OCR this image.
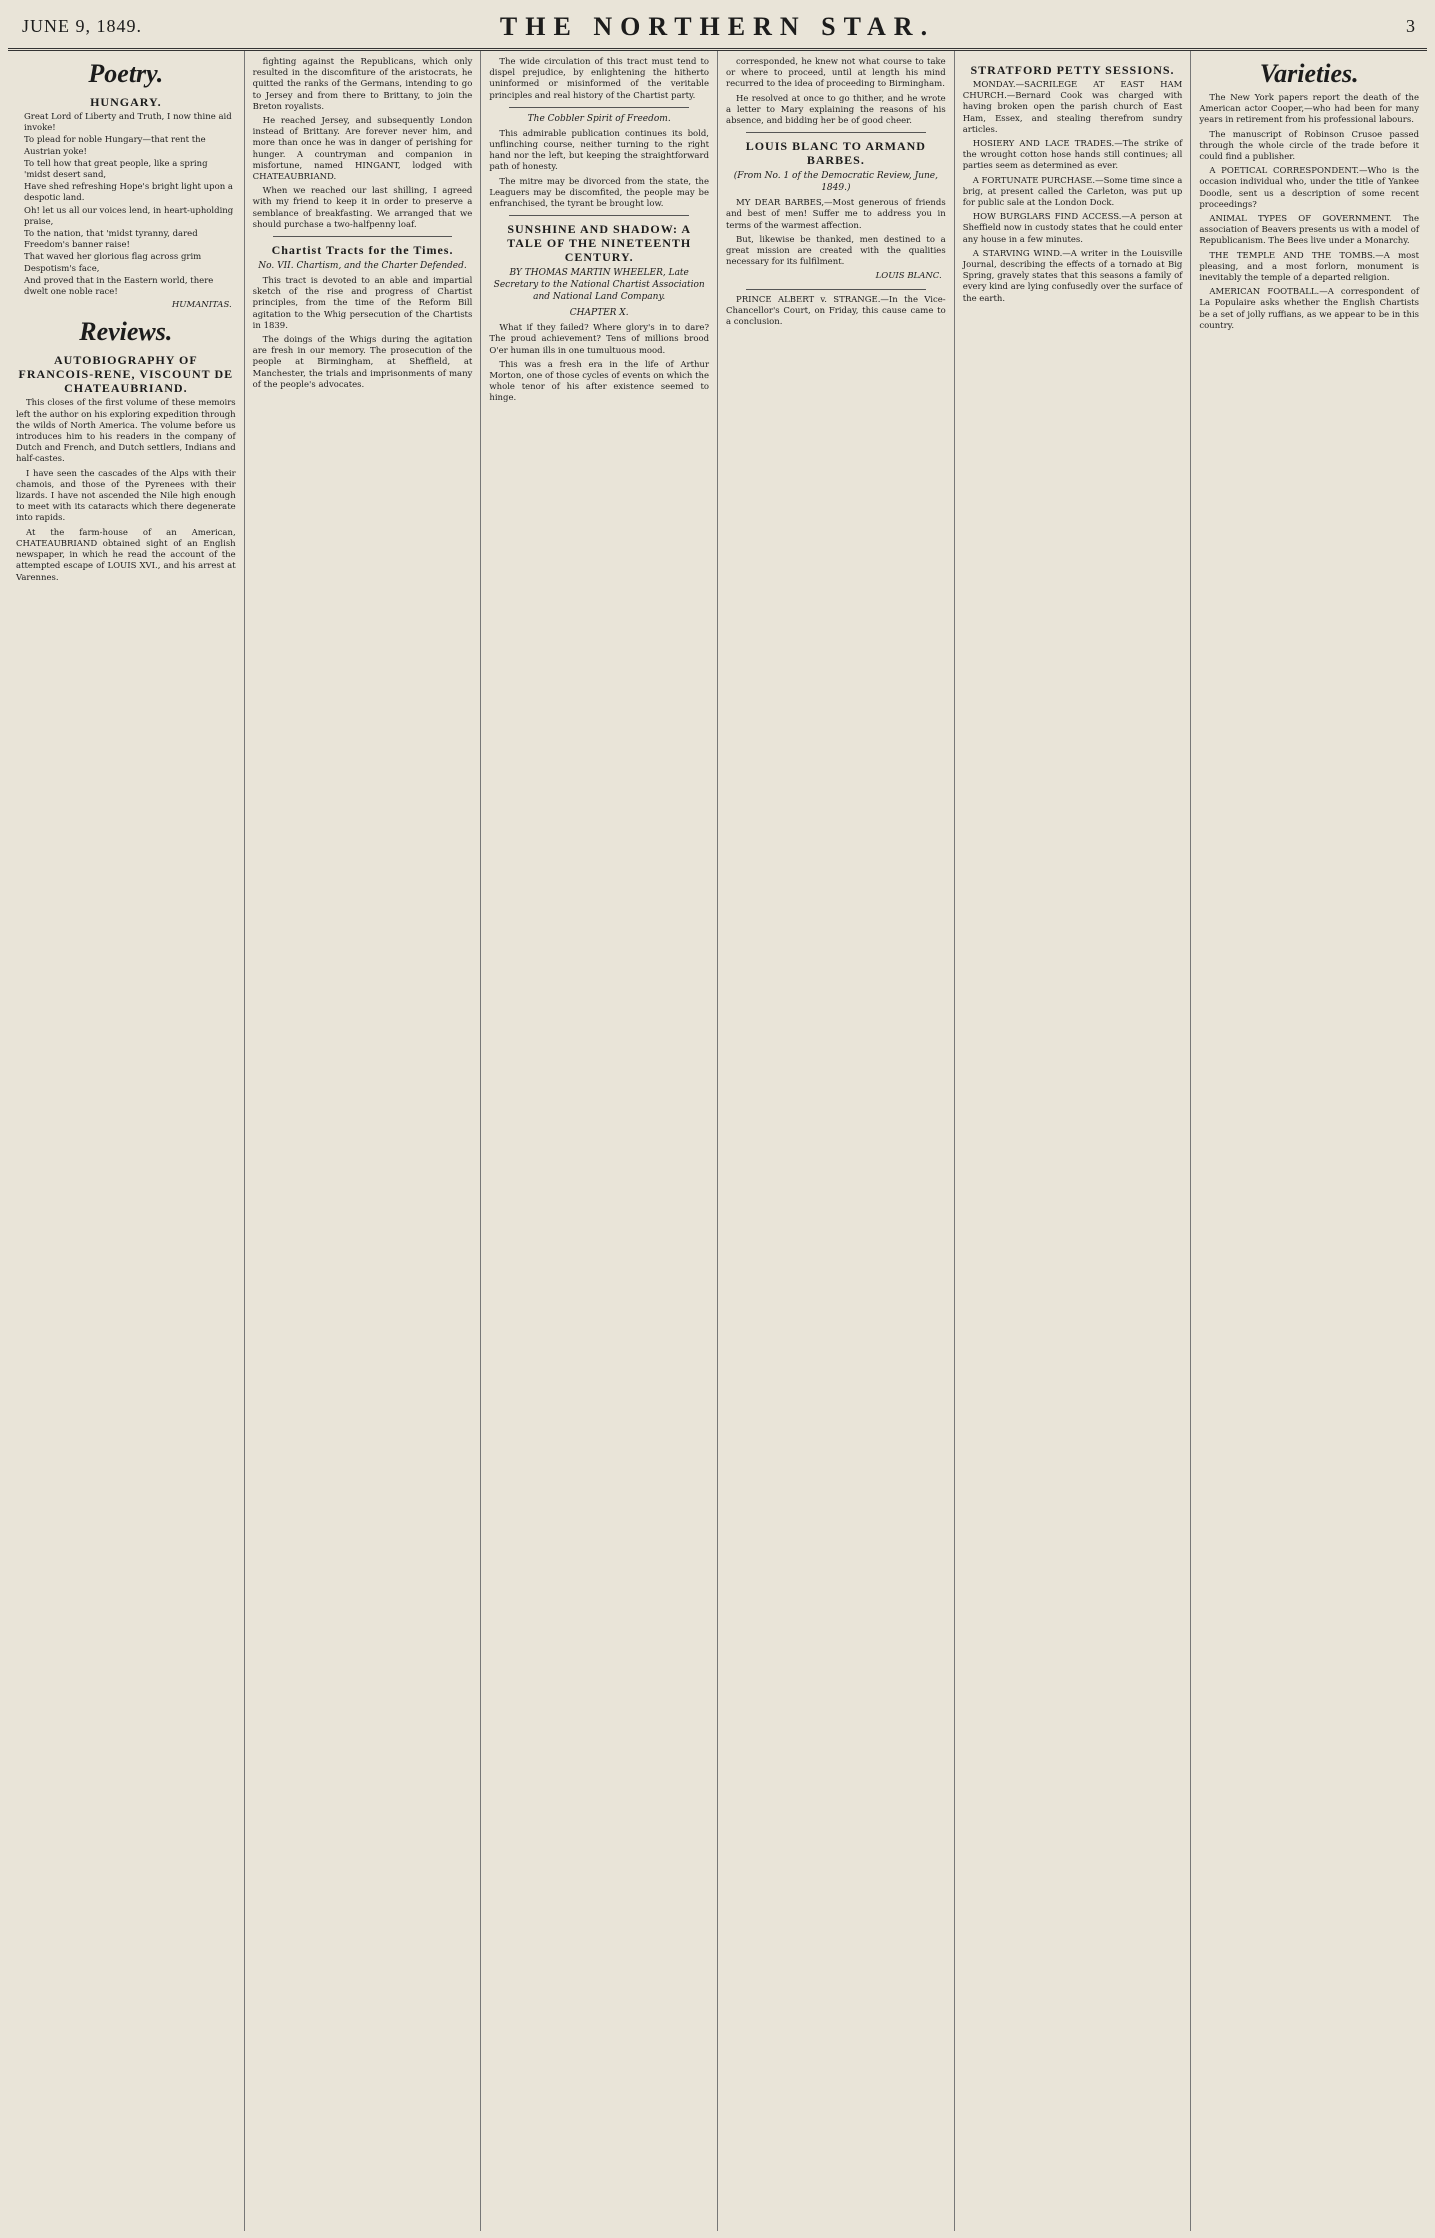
JUNE 9, 1849.	THE NORTHERN STAR.	3
Poetry.
HUNGARY.

Great Lord of Liberty and Truth, I now thine aid invoke!

To plead for noble Hungary—that rent the Austrian yoke!

To tell how that great people, like a spring 'midst desert sand,

Have shed refreshing Hope's bright light upon a despotic land.

Oh! let us all our voices lend, in heart-upholding praise,

To the nation, that 'midst tyranny, dared Freedom's banner raise!

That waved her glorious flag across grim Despotism's face,

And proved that in the Eastern world, there dwelt one noble race!

HUMANITAS.
Reviews.
AUTOBIOGRAPHY OF FRANCOIS-RENE, VISCOUNT DE CHATEAUBRIAND.

This closes of the first volume of these memoirs left the author on his exploring expedition through the wilds of North America. The volume before us introduces him to his readers in the company of Dutch and French, and Dutch settlers, Indians and half-castes.

I have seen the cascades of the Alps with their chamois, and those of the Pyrenees with their lizards. I have not ascended the Nile high enough to meet with its cataracts which there degenerate into rapids.

At the farm-house of an American, CHATEAUBRIAND obtained sight of an English newspaper, in which he read the account of the attempted escape of LOUIS XVI., and his arrest at Varennes.

fighting against the Republicans, which only resulted in the discomfiture of the aristocrats, he quitted the ranks of the Germans, intending to go to Jersey and from there to Brittany, to join the Breton royalists.

He reached Jersey, and subsequently London instead of Brittany. Are forever never him, and more than once he was in danger of perishing for hunger. A countryman and companion in misfortune, named HINGANT, lodged with CHATEAUBRIAND.

When we reached our last shilling, I agreed with my friend to keep it in order to preserve a semblance of breakfasting. We arranged that we should purchase a two-halfpenny loaf.

Chartist Tracts for the Times.
No. VII. Chartism, and the Charter Defended.

This tract is devoted to an able and impartial sketch of the rise and progress of Chartist principles, from the time of the Reform Bill agitation to the Whig persecution of the Chartists in 1839.

The doings of the Whigs during the agitation are fresh in our memory. The prosecution of the people at Birmingham, at Sheffield, at Manchester, the trials and imprisonments of many of the people's advocates.

The wide circulation of this tract must tend to dispel prejudice, by enlightening the hitherto uninformed or misinformed of the veritable principles and real history of the Chartist party.

The Cobbler Spirit of Freedom.

This admirable publication continues its bold, unflinching course, neither turning to the right hand nor the left, but keeping the straightforward path of honesty.

The mitre may be divorced from the state, the Leaguers may be discomfited, the people may be enfranchised, the tyrant be brought low.

SUNSHINE AND SHADOW: A TALE OF THE NINETEENTH CENTURY.
BY THOMAS MARTIN WHEELER, Late Secretary to the National Chartist Association and National Land Company.
CHAPTER X.

What if they failed? Where glory's in to dare? The proud achievement? Tens of millions brood O'er human ills in one tumultuous mood.

This was a fresh era in the life of Arthur Morton, one of those cycles of events on which the whole tenor of his after existence seemed to hinge.

corresponded, he knew not what course to take or where to proceed, until at length his mind recurred to the idea of proceeding to Birmingham.

He resolved at once to go thither, and he wrote a letter to Mary explaining the reasons of his absence, and bidding her be of good cheer.

LOUIS BLANC TO ARMAND BARBES.
(From No. 1 of the Democratic Review, June, 1849.)

MY DEAR BARBES,—Most generous of friends and best of men! Suffer me to address you in terms of the warmest affection.

But, likewise be thanked, men destined to a great mission are created with the qualities necessary for its fulfilment.

LOUIS BLANC.

PRINCE ALBERT v. STRANGE.—In the Vice-Chancellor's Court, on Friday, this cause came to a conclusion.

STRATFORD PETTY SESSIONS.

MONDAY.—SACRILEGE AT EAST HAM CHURCH.—Bernard Cook was charged with having broken open the parish church of East Ham, Essex, and stealing therefrom sundry articles.

HOSIERY AND LACE TRADES.—The strike of the wrought cotton hose hands still continues; all parties seem as determined as ever.

A FORTUNATE PURCHASE.—Some time since a brig, at present called the Carleton, was put up for public sale at the London Dock.

HOW BURGLARS FIND ACCESS.—A person at Sheffield now in custody states that he could enter any house in a few minutes.

A STARVING WIND.—A writer in the Louisville Journal, describing the effects of a tornado at Big Spring, gravely states that this seasons a family of every kind are lying confusedly over the surface of the earth.

Varieties.

The New York papers report the death of the American actor Cooper,—who had been for many years in retirement from his professional labours.

The manuscript of Robinson Crusoe passed through the whole circle of the trade before it could find a publisher.

A POETICAL CORRESPONDENT.—Who is the occasion individual who, under the title of Yankee Doodle, sent us a description of some recent proceedings?

ANIMAL TYPES OF GOVERNMENT. The association of Beavers presents us with a model of Republicanism. The Bees live under a Monarchy.

THE TEMPLE AND THE TOMBS.—A most pleasing, and a most forlorn, monument is inevitably the temple of a departed religion.

AMERICAN FOOTBALL.—A correspondent of La Populaire asks whether the English Chartists be a set of jolly ruffians, as we appear to be in this country.
